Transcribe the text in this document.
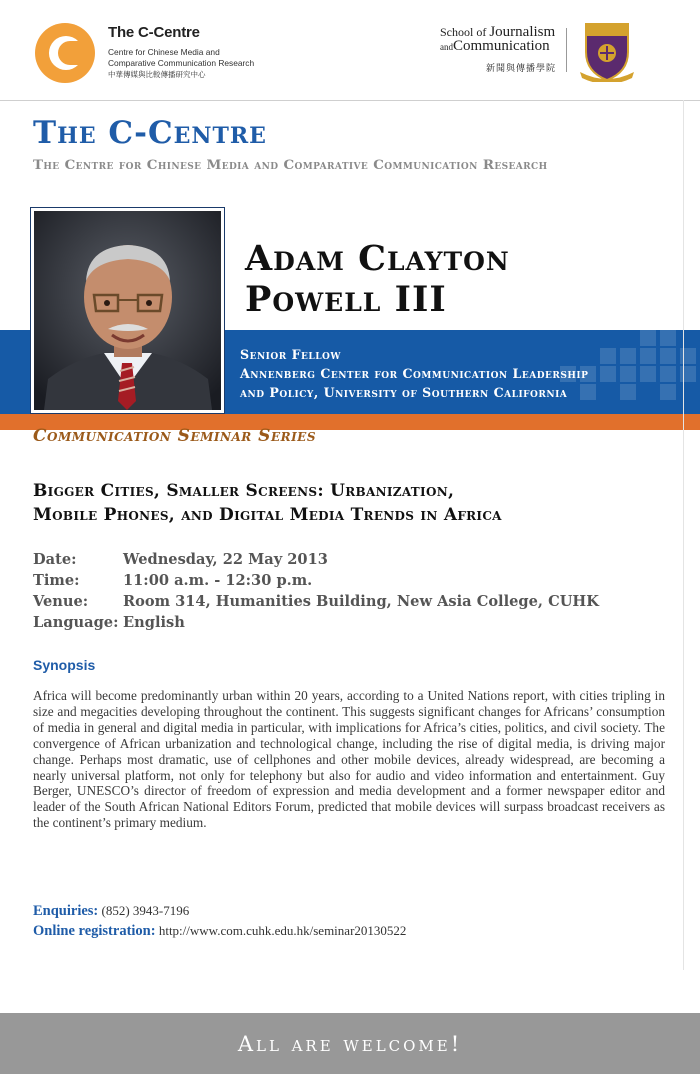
The C-Centre
Centre for Chinese Media and
Comparative Communication Research
中華傳媒與比較傳播研究中心
School of Journalism
andCommunication
新聞與傳播學院
The C-Centre
The Centre for Chinese Media and Comparative Communication Research
Adam Clayton
Powell III
Senior Fellow
Annenberg Center for Communication Leadership
and Policy, University of Southern California
Communication Seminar Series
Bigger Cities, Smaller Screens: Urbanization,
Mobile Phones, and Digital Media Trends in Africa
Date:	Wednesday, 22 May 2013
Time:	11:00 a.m. - 12:30 p.m.
Venue:	Room 314, Humanities Building, New Asia College, CUHK
Language: English
Synopsis
Africa will become predominantly urban within 20 years, according to a United Nations report, with cities tripling in size and megacities developing throughout the continent. This suggests significant changes for Africans’ consumption of media in general and digital media in particular, with implications for Africa’s cities, politics, and civil society. The convergence of African urbanization and technological change, including the rise of digital media, is driving major change. Perhaps most dramatic, use of cellphones and other mobile devices, already widespread, are becoming a nearly universal platform, not only for telephony but also for audio and video information and entertainment. Guy Berger, UNESCO’s director of freedom of expression and media development and a former newspaper editor and leader of the South African National Editors Forum, predicted that mobile devices will surpass broadcast receivers as the continent’s primary medium.
Enquiries: (852) 3943-7196
Online registration: http://www.com.cuhk.edu.hk/seminar20130522
All are welcome!
